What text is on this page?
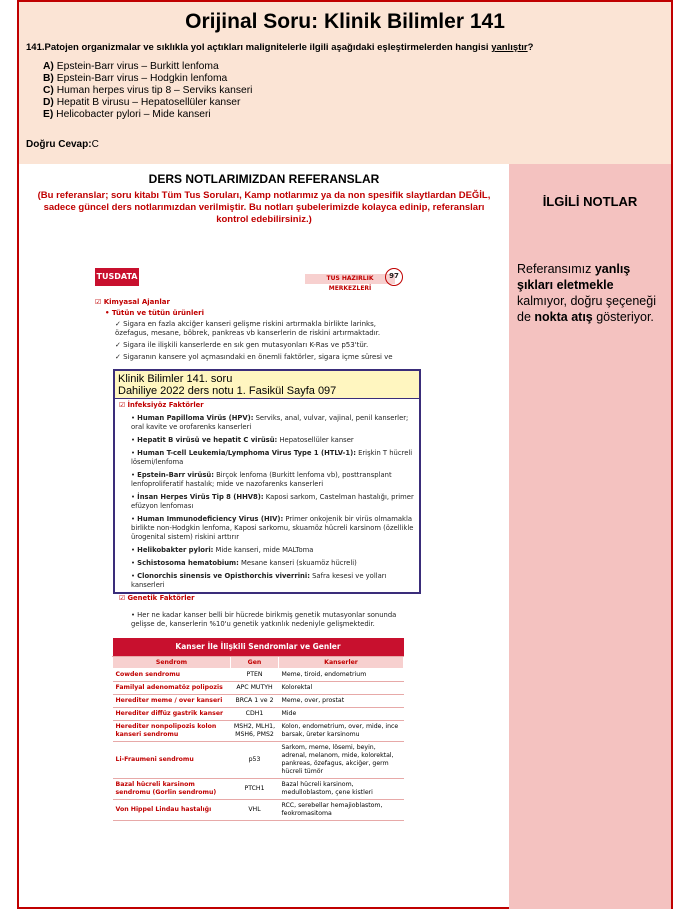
Orijinal Soru: Klinik Bilimler 141
141.Patojen organizmalar ve sıklıkla yol açtıkları malignitelerle ilgili aşağıdaki eşleştirmelerden hangisi yanlıştır?
A) Epstein-Barr virus – Burkitt lenfoma
B) Epstein-Barr virus – Hodgkin lenfoma
C) Human herpes virus tip 8 – Serviks kanseri
D) Hepatit B virusu – Hepatosellüler kanser
E) Helicobacter pylori – Mide kanseri
Doğru Cevap:C
DERS NOTLARIMIZDAN REFERANSLAR
(Bu referanslar; soru kitabı Tüm Tus Soruları, Kamp notlarımız ya da non spesifik slaytlardan DEĞİL, sadece güncel ders notlarımızdan verilmiştir. Bu notları şubelerimizde kolayca edinip, referansları kontrol edebilirsiniz.)
İLGİLİ NOTLAR
Referansımız yanlış şıkları eletmekle kalmıyor, doğru şeçeneği de nokta atış gösteriyor.
TUSDATA	TUS HAZIRLIK MERKEZLERİ
97
☑ Kimyasal Ajanlar
• Tütün ve tütün ürünleri
✓ Sigara en fazla akciğer kanseri gelişme riskini artırmakla birlikte larinks, özefagus, mesane, böbrek, pankreas vb kanserlerin de riskini artırmaktadır.
✓ Sigara ile ilişkili kanserlerde en sık gen mutasyonları K-Ras ve p53'tür.
✓ Sigaranın kansere yol açmasındaki en önemli faktörler, sigara içme süresi ve
Klinik Bilimler 141. soru
Dahiliye 2022 ders notu 1. Fasikül Sayfa 097
☑ İnfeksiyöz Faktörler
• Human Papilloma Virüs (HPV): Serviks, anal, vulvar, vajinal, penil kanserler; oral kavite ve orofarenks kanserleri
• Hepatit B virüsü ve hepatit C virüsü: Hepatosellüler kanser
• Human T-cell Leukemia/Lymphoma Virus Type 1 (HTLV-1): Erişkin T hücreli lösemi/lenfoma
• Epstein-Barr virüsü: Birçok lenfoma (Burkitt lenfoma vb), posttransplant lenfoproliferatif hastalık; mide ve nazofarenks kanserleri
• İnsan Herpes Virüs Tip 8 (HHV8): Kaposi sarkom, Castelman hastalığı, primer efüzyon lenfoması
• Human Immunodeficiency Virus (HIV): Primer onkojenik bir virüs olmamakla birlikte non-Hodgkin lenfoma, Kaposi sarkomu, skuamöz hücreli karsinom (özellikle ürogenital sistem) riskini arttırır
• Helikobakter pylori: Mide kanseri, mide MALToma
• Schistosoma hematobium: Mesane kanseri (skuamöz hücreli)
• Clonorchis sinensis ve Opisthorchis viverrini: Safra kesesi ve yolları kanserleri
☑ Genetik Faktörler
• Her ne kadar kanser belli bir hücrede birikmiş genetik mutasyonlar sonunda gelişse de, kanserlerin %10'u genetik yatkınlık nedeniyle gelişmektedir.
Kanser İle İlişkili Sendromlar ve Genler		
Sendrom	Gen	Kanserler
Cowden sendromu	PTEN	Meme, tiroid, endometrium
Familyal adenomatöz polipozis	APC MUTYH	Kolorektal
Herediter meme / over kanseri	BRCA 1 ve 2	Meme, over, prostat
Herediter diffüz gastrik kanser	CDH1	Mide
Herediter nonpolipozis kolon kanseri sendromu	MSH2, MLH1, MSH6, PMS2	Kolon, endometrium, over, mide, ince barsak, üreter karsinomu
Li-Fraumeni sendromu	p53	Sarkom, meme, lösemi, beyin, adrenal, melanom, mide, kolorektal, pankreas, özefagus, akciğer, germ hücreli tümör
Bazal hücreli karsinom sendromu (Gorlin sendromu)	PTCH1	Bazal hücreli karsinom, medulloblastom, çene kistleri
Von Hippel Lindau hastalığı	VHL	RCC, serebellar hemajioblastom, feokromasitoma
